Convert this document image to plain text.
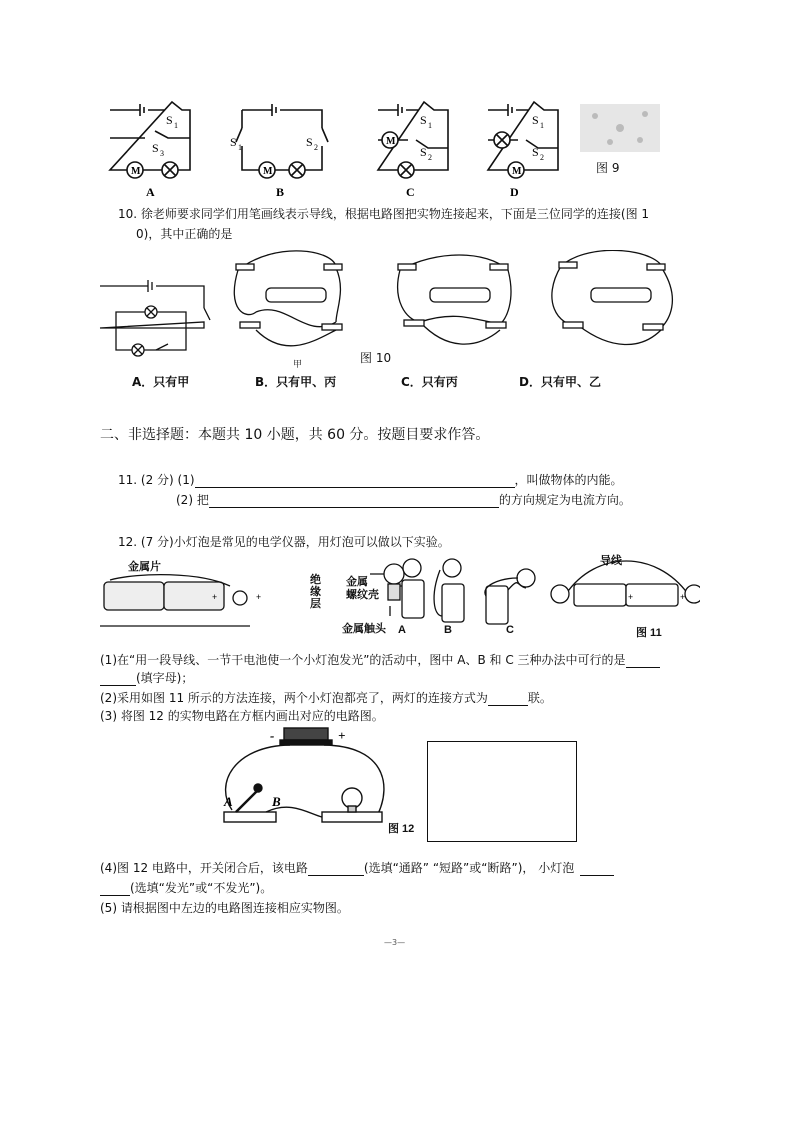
M	M
M
M
S 1
S 3
S 1	S 2
S 1
S 2
S 1
S 2
A	B	C	D
图 9
10. 徐老师要求同学们用笔画线表示导线，根据电路图把实物连接起来，下面是三位同学的连接(图 1
0)，其中正确的是
图 10
甲
A．只有甲	B．只有甲、丙	C．只有丙	D．只有甲、乙
二、非选择题：本题共 10 小题，共 60 分。按题目要求作答。
11. (2 分) (1)	，叫做物体的内能。
(2) 把	的方向规定为电流方向。
12. (7 分)小灯泡是常见的电学仪器，用灯泡可以做以下实验。
+
+	+	+
金属片
绝
缘
层
金属
螺纹壳
金属触头
导线
A	B	C	图 11
(1)在“用一段导线、一节干电池使一个小灯泡发光”的活动中，图中 A、B 和 C 三种办法中可行的是
(填字母)；
(2)采用如图 11 所示的方法连接，两个小灯泡都亮了，两灯的连接方式为	联。
(3) 将图 12 的实物电路在方框内画出对应的电路图。
-	+
A	B
图 12
(4)图 12 电路中，开关闭合后，该电路	(选填“通路” “短路”或“断路”)， 小灯泡
(选填“发光”或“不发光”)。
(5) 请根据图中左边的电路图连接相应实物图。
—3—
